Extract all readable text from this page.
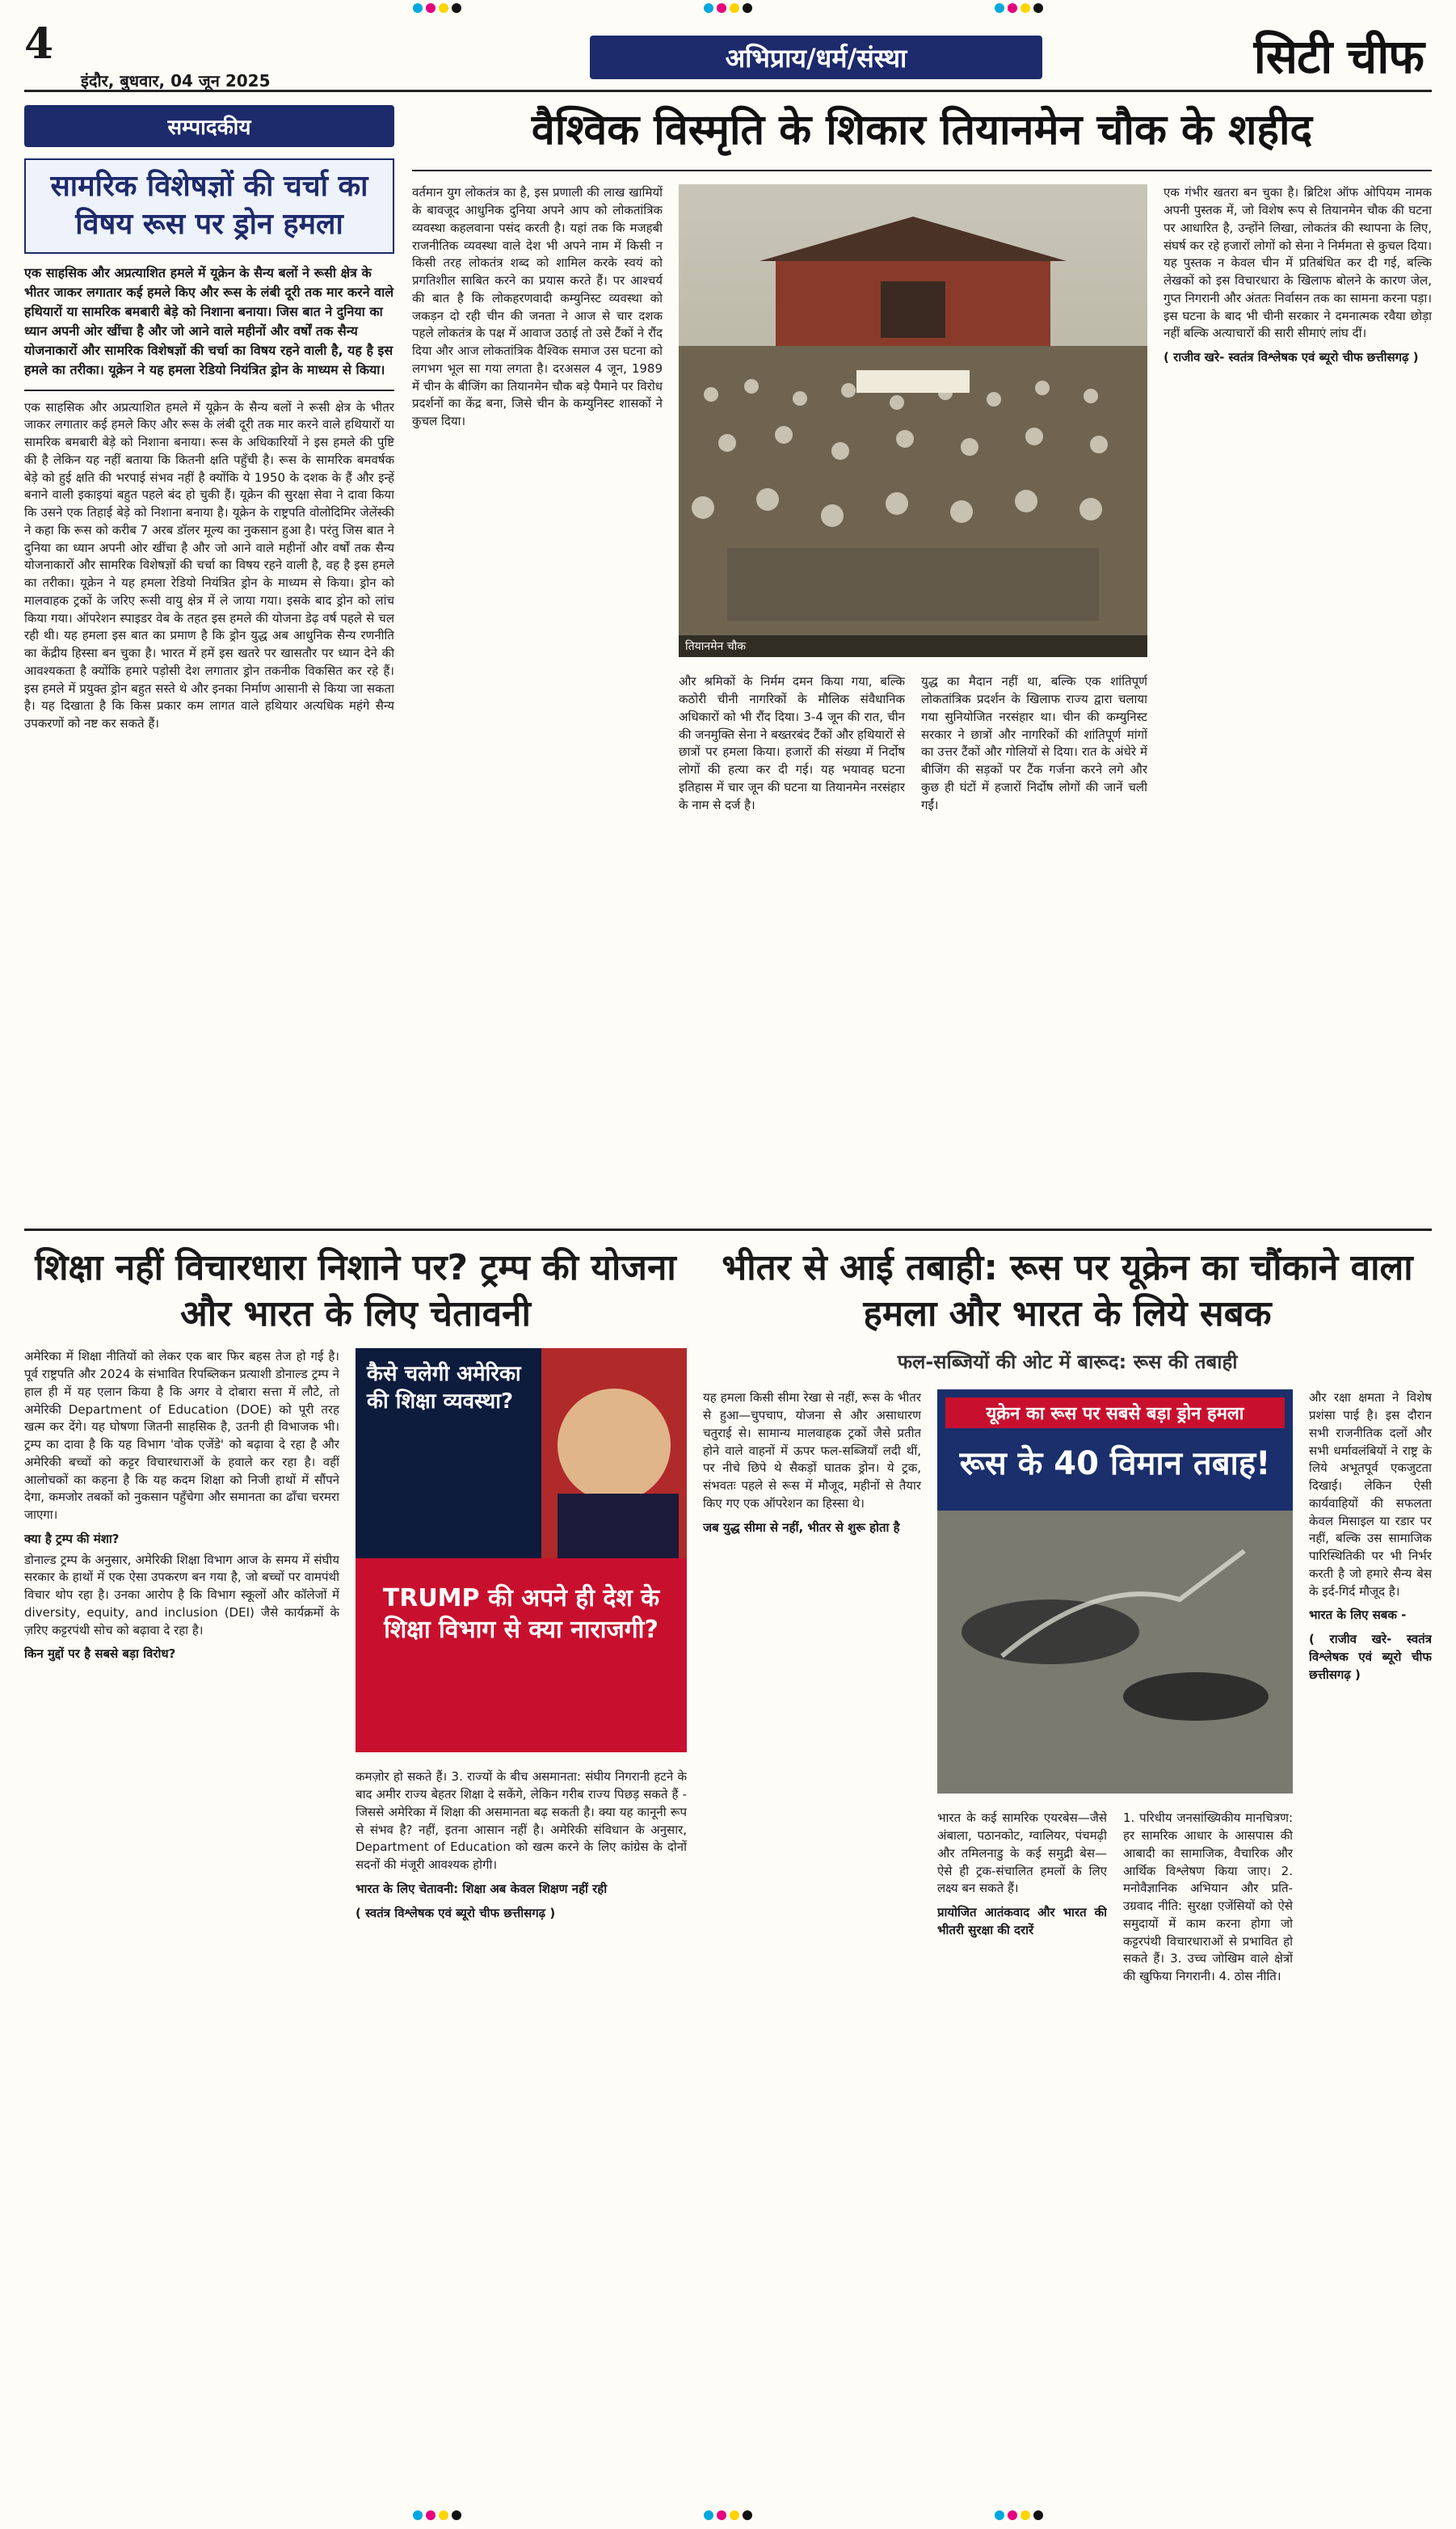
4
इंदौर, बुधवार, 04 जून 2025
अभिप्राय/धर्म/संस्था	सिटी चीफ
सम्पादकीय
सामरिक विशेषज्ञों की चर्चा का विषय रूस पर ड्रोन हमला

एक साहसिक और अप्रत्याशित हमले में यूक्रेन के सैन्य बलों ने रूसी क्षेत्र के भीतर जाकर लगातार कई हमले किए और रूस के लंबी दूरी तक मार करने वाले हथियारों या सामरिक बमबारी बेड़े को निशाना बनाया। जिस बात ने दुनिया का ध्यान अपनी ओर खींचा है और जो आने वाले महीनों और वर्षों तक सैन्य योजनाकारों और सामरिक विशेषज्ञों की चर्चा का विषय रहने वाली है, यह है इस हमले का तरीका। यूक्रेन ने यह हमला रेडियो नियंत्रित ड्रोन के माध्यम से किया।

एक साहसिक और अप्रत्याशित हमले में यूक्रेन के सैन्य बलों ने रूसी क्षेत्र के भीतर जाकर लगातार कई हमले किए और रूस के लंबी दूरी तक मार करने वाले हथियारों या सामरिक बमबारी बेड़े को निशाना बनाया। रूस के अधिकारियों ने इस हमले की पुष्टि की है लेकिन यह नहीं बताया कि कितनी क्षति पहुँची है। रूस के सामरिक बमवर्षक बेड़े को हुई क्षति की भरपाई संभव नहीं है क्योंकि ये 1950 के दशक के हैं और इन्हें बनाने वाली इकाइयां बहुत पहले बंद हो चुकी हैं। यूक्रेन की सुरक्षा सेवा ने दावा किया कि उसने एक तिहाई बेड़े को निशाना बनाया है। यूक्रेन के राष्ट्रपति वोलोदिमिर जेलेंस्की ने कहा कि रूस को करीब 7 अरब डॉलर मूल्य का नुकसान हुआ है। परंतु जिस बात ने दुनिया का ध्यान अपनी ओर खींचा है और जो आने वाले महीनों और वर्षों तक सैन्य योजनाकारों और सामरिक विशेषज्ञों की चर्चा का विषय रहने वाली है, वह है इस हमले का तरीका। यूक्रेन ने यह हमला रेडियो नियंत्रित ड्रोन के माध्यम से किया। ड्रोन को मालवाहक ट्रकों के जरिए रूसी वायु क्षेत्र में ले जाया गया। इसके बाद ड्रोन को लांच किया गया। ऑपरेशन स्पाइडर वेब के तहत इस हमले की योजना डेढ़ वर्ष पहले से चल रही थी। यह हमला इस बात का प्रमाण है कि ड्रोन युद्ध अब आधुनिक सैन्य रणनीति का केंद्रीय हिस्सा बन चुका है। भारत में हमें इस खतरे पर खासतौर पर ध्यान देने की आवश्यकता है क्योंकि हमारे पड़ोसी देश लगातार ड्रोन तकनीक विकसित कर रहे हैं। इस हमले में प्रयुक्त ड्रोन बहुत सस्ते थे और इनका निर्माण आसानी से किया जा सकता है। यह दिखाता है कि किस प्रकार कम लागत वाले हथियार अत्यधिक महंगे सैन्य उपकरणों को नष्ट कर सकते हैं।

वैश्विक विस्मृति के शिकार तियानमेन चौक के शहीद

वर्तमान युग लोकतंत्र का है, इस प्रणाली की लाख खामियों के बावजूद आधुनिक दुनिया अपने आप को लोकतांत्रिक व्यवस्था कहलवाना पसंद करती है। यहां तक कि मजहबी राजनीतिक व्यवस्था वाले देश भी अपने नाम में किसी न किसी तरह लोकतंत्र शब्द को शामिल करके स्वयं को प्रगतिशील साबित करने का प्रयास करते हैं। पर आश्चर्य की बात है कि लोकहरणवादी कम्युनिस्ट व्यवस्था को जकड़न दो रही चीन की जनता ने आज से चार दशक पहले लोकतंत्र के पक्ष में आवाज उठाई तो उसे टैंकों ने रौंद दिया और आज लोकतांत्रिक वैश्विक समाज उस घटना को लगभग भूल सा गया लगता है। दरअसल 4 जून, 1989 में चीन के बीजिंग का तियानमेन चौक बड़े पैमाने पर विरोध प्रदर्शनों का केंद्र बना, जिसे चीन के कम्युनिस्ट शासकों ने कुचल दिया।

तियानमेन चौक

और श्रमिकों के निर्मम दमन किया गया, बल्कि कठोरी चीनी नागरिकों के मौलिक संवैधानिक अधिकारों को भी रौंद दिया। 3-4 जून की रात, चीन की जनमुक्ति सेना ने बख्तरबंद टैंकों और हथियारों से छात्रों पर हमला किया। हजारों की संख्या में निर्दोष लोगों की हत्या कर दी गई। यह भयावह घटना इतिहास में चार जून की घटना या तियानमेन नरसंहार के नाम से दर्ज है।

युद्ध का मैदान नहीं था, बल्कि एक शांतिपूर्ण लोकतांत्रिक प्रदर्शन के खिलाफ राज्य द्वारा चलाया गया सुनियोजित नरसंहार था। चीन की कम्युनिस्ट सरकार ने छात्रों और नागरिकों की शांतिपूर्ण मांगों का उत्तर टैंकों और गोलियों से दिया। रात के अंधेरे में बीजिंग की सड़कों पर टैंक गर्जना करने लगे और कुछ ही घंटों में हजारों निर्दोष लोगों की जानें चली गईं।

एक गंभीर खतरा बन चुका है। ब्रिटिश ऑफ ओपियम नामक अपनी पुस्तक में, जो विशेष रूप से तियानमेन चौक की घटना पर आधारित है, उन्होंने लिखा, लोकतंत्र की स्थापना के लिए, संघर्ष कर रहे हजारों लोगों को सेना ने निर्ममता से कुचल दिया। यह पुस्तक न केवल चीन में प्रतिबंधित कर दी गई, बल्कि लेखकों को इस विचारधारा के खिलाफ बोलने के कारण जेल, गुप्त निगरानी और अंततः निर्वासन तक का सामना करना पड़ा। इस घटना के बाद भी चीनी सरकार ने दमनात्मक रवैया छोड़ा नहीं बल्कि अत्याचारों की सारी सीमाएं लांघ दीं।

( राजीव खरे- स्वतंत्र विश्लेषक एवं ब्यूरो चीफ छत्तीसगढ़ )

शिक्षा नहीं विचारधारा निशाने पर? ट्रम्प की योजना और भारत के लिए चेतावनी

अमेरिका में शिक्षा नीतियों को लेकर एक बार फिर बहस तेज हो गई है। पूर्व राष्ट्रपति और 2024 के संभावित रिपब्लिकन प्रत्याशी डोनाल्ड ट्रम्प ने हाल ही में यह एलान किया है कि अगर वे दोबारा सत्ता में लौटे, तो अमेरिकी Department of Education (DOE) को पूरी तरह खत्म कर देंगे। यह घोषणा जितनी साहसिक है, उतनी ही विभाजक भी। ट्रम्प का दावा है कि यह विभाग 'वोक एजेंडे' को बढ़ावा दे रहा है और अमेरिकी बच्चों को कट्टर विचारधाराओं के हवाले कर रहा है। वहीं आलोचकों का कहना है कि यह कदम शिक्षा को निजी हाथों में सौंपने देगा, कमजोर तबकों को नुकसान पहुँचेगा और समानता का ढाँचा चरमरा जाएगा।

क्या है ट्रम्प की मंशा?

डोनाल्ड ट्रम्प के अनुसार, अमेरिकी शिक्षा विभाग आज के समय में संघीय सरकार के हाथों में एक ऐसा उपकरण बन गया है, जो बच्चों पर वामपंथी विचार थोप रहा है। उनका आरोप है कि विभाग स्कूलों और कॉलेजों में diversity, equity, and inclusion (DEI) जैसे कार्यक्रमों के ज़रिए कट्टरपंथी सोच को बढ़ावा दे रहा है।

किन मुद्दों पर है सबसे बड़ा विरोध?
कैसे चलेगी अमेरिका की शिक्षा व्यवस्था?
TRUMP की अपने ही देश के शिक्षा विभाग से क्या नाराजगी?

कमज़ोर हो सकते हैं। 3. राज्यों के बीच असमानता: संघीय निगरानी हटने के बाद अमीर राज्य बेहतर शिक्षा दे सकेंगे, लेकिन गरीब राज्य पिछड़ सकते हैं - जिससे अमेरिका में शिक्षा की असमानता बढ़ सकती है। क्या यह कानूनी रूप से संभव है? नहीं, इतना आसान नहीं है। अमेरिकी संविधान के अनुसार, Department of Education को खत्म करने के लिए कांग्रेस के दोनों सदनों की मंजूरी आवश्यक होगी।

भारत के लिए चेतावनी: शिक्षा अब केवल शिक्षण नहीं रही

( स्वतंत्र विश्लेषक एवं ब्यूरो चीफ छत्तीसगढ़ )

भीतर से आई तबाही: रूस पर यूक्रेन का चौंकाने वाला हमला और भारत के लिये सबक
फल-सब्जियों की ओट में बारूद: रूस की तबाही

यह हमला किसी सीमा रेखा से नहीं, रूस के भीतर से हुआ—चुपचाप, योजना से और असाधारण चतुराई से। सामान्य मालवाहक ट्रकों जैसे प्रतीत होने वाले वाहनों में ऊपर फल-सब्जियाँ लदी थीं, पर नीचे छिपे थे सैकड़ों घातक ड्रोन। ये ट्रक, संभवतः पहले से रूस में मौजूद, महीनों से तैयार किए गए एक ऑपरेशन का हिस्सा थे।

जब युद्ध सीमा से नहीं, भीतर से शुरू होता है
यूक्रेन का रूस पर सबसे बड़ा ड्रोन हमला
रूस के 40 विमान तबाह!

भारत के कई सामरिक एयरबेस—जैसे अंबाला, पठानकोट, ग्वालियर, पंचमढ़ी और तमिलनाडु के कई समुद्री बेस—ऐसे ही ट्रक-संचालित हमलों के लिए लक्ष्य बन सकते हैं।

प्रायोजित आतंकवाद और भारत की भीतरी सुरक्षा की दरारें

1. परिधीय जनसांख्यिकीय मानचित्रण: हर सामरिक आधार के आसपास की आबादी का सामाजिक, वैचारिक और आर्थिक विश्लेषण किया जाए। 2. मनोवैज्ञानिक अभियान और प्रति-उग्रवाद नीति: सुरक्षा एजेंसियों को ऐसे समुदायों में काम करना होगा जो कट्टरपंथी विचारधाराओं से प्रभावित हो सकते हैं। 3. उच्च जोखिम वाले क्षेत्रों की खुफिया निगरानी। 4. ठोस नीति।

और रक्षा क्षमता ने विशेष प्रशंसा पाई है। इस दौरान सभी राजनीतिक दलों और सभी धर्मावलंबियों ने राष्ट्र के लिये अभूतपूर्व एकजुटता दिखाई। लेकिन ऐसी कार्यवाहियों की सफलता केवल मिसाइल या रडार पर नहीं, बल्कि उस सामाजिक पारिस्थितिकी पर भी निर्भर करती है जो हमारे सैन्य बेस के इर्द-गिर्द मौजूद है।

भारत के लिए सबक -

( राजीव खरे- स्वतंत्र विश्लेषक एवं ब्यूरो चीफ छत्तीसगढ़ )
